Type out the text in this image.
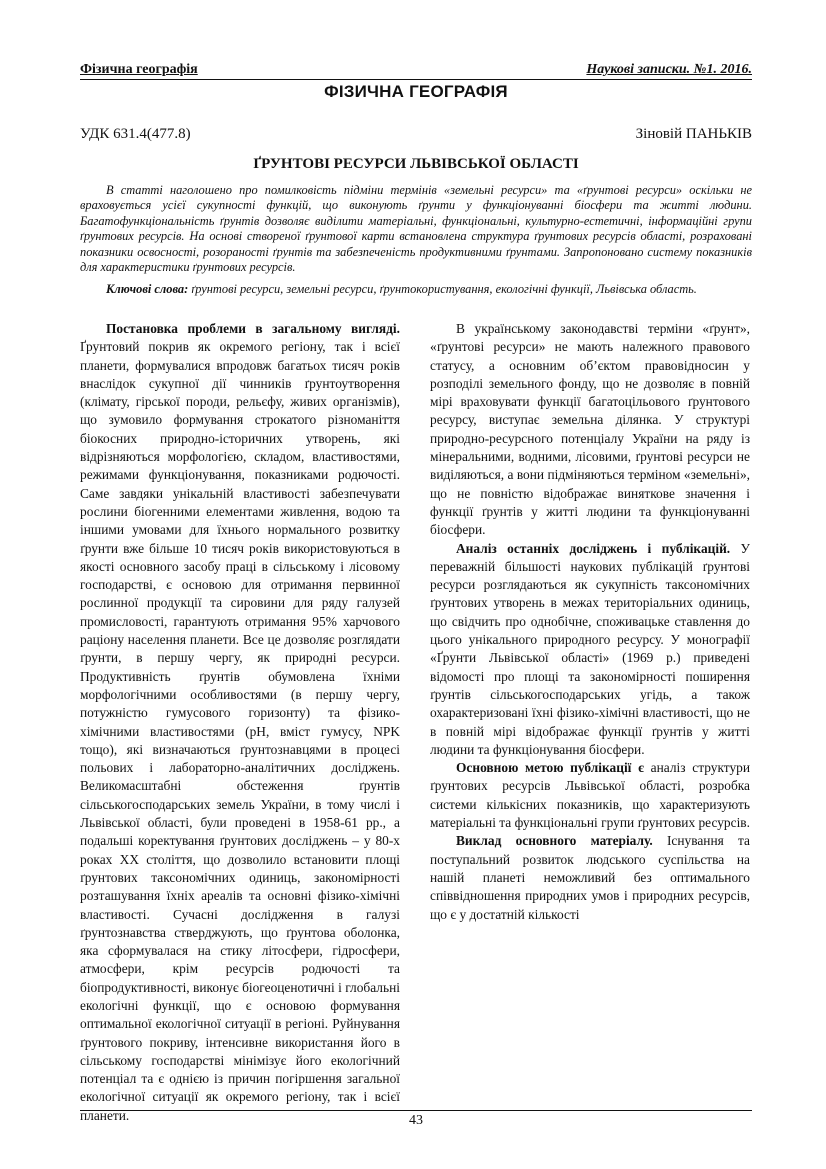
Фізична географія	Наукові записки. №1. 2016.
ФІЗИЧНА ГЕОГРАФІЯ
УДК 631.4(477.8)	Зіновій ПАНЬКІВ
ҐРУНТОВІ РЕСУРСИ ЛЬВІВСЬКОЇ ОБЛАСТІ

В статті наголошено про помилковість підміни термінів «земельні ресурси» та «ґрунтові ресурси» оскільки не враховується усієї сукупності функцій, що виконують ґрунти у функціонуванні біосфери та житті людини. Багатофункціональність ґрунтів дозволяє виділити матеріальні, функціональні, культурно-естетичні, інформаційні групи ґрунтових ресурсів. На основі створеної ґрунтової карти встановлена структура ґрунтових ресурсів області, розраховані показники освосності, розораності ґрунтів та забезпеченість продуктивними ґрунтами. Запропоновано систему показників для характеристики ґрунтових ресурсів.

Ключові слова: ґрунтові ресурси, земельні ресурси, ґрунтокористування, екологічні функції, Львівська область.

Постановка проблеми в загальному вигляді. Ґрунтовий покрив як окремого регіону, так і всієї планети, формувалися впродовж багатьох тисяч років внаслідок сукупної дії чинників ґрунтоутворення (клімату, гірської породи, рельєфу, живих організмів), що зумовило формування строкатого різноманіття біокосних природно-історичних утворень, які відрізняються морфологією, складом, властивостями, режимами функціонування, показниками родючості. Саме завдяки унікальній властивості забезпечувати рослини біогенними елементами живлення, водою та іншими умовами для їхнього нормального розвитку ґрунти вже більше 10 тисяч років використовуються в якості основного засобу праці в сільському і лісовому господарстві, є основою для отримання первинної рослинної продукції та сировини для ряду галузей промисловості, гарантують отримання 95% харчового раціону населення планети. Все це дозволяє розглядати ґрунти, в першу чергу, як природні ресурси. Продуктивність ґрунтів обумовлена їхніми морфологічними особливостями (в першу чергу, потужністю гумусового горизонту) та фізико-хімічними властивостями (рН, вміст гумусу, NPK тощо), які визначаються ґрунтознавцями в процесі польових і лабораторно-аналітичних досліджень. Великомасштабні обстеження ґрунтів сільськогосподарських земель України, в тому числі і Львівської області, були проведені в 1958-61 рр., а подальші коректування ґрунтових досліджень – у 80-х роках ХХ століття, що дозволило встановити площі ґрунтових таксономічних одиниць, закономірності розташування їхніх ареалів та основні фізико-хімічні властивості. Сучасні дослідження в галузі ґрунтознавства стверджують, що ґрунтова оболонка, яка сформувалася на стику літосфери, гідросфери, атмосфери, крім ресурсів родючості та біопродуктивності, виконує біогеоценотичні і глобальні екологічні функції, що є основою формування оптимальної екологічної ситуації в регіоні. Руйнування ґрунтового покриву, інтенсивне використання його в сільському господарстві мінімізує його екологічний потенціал та є однією із причин погіршення загальної екологічної ситуації як окремого регіону, так і всієї планети.

В українському законодавстві терміни «ґрунт», «ґрунтові ресурси» не мають належного правового статусу, а основним об’єктом правовідносин у розподілі земельного фонду, що не дозволяє в повній мірі враховувати функції багатоцільового ґрунтового ресурсу, виступає земельна ділянка. У структурі природно-ресурсного потенціалу України на ряду із мінеральними, водними, лісовими, ґрунтові ресурси не виділяються, а вони підміняються терміном «земельні», що не повністю відображає виняткове значення і функції ґрунтів у житті людини та функціонуванні біосфери.

Аналіз останніх досліджень і публікацій. У переважній більшості наукових публікацій ґрунтові ресурси розглядаються як сукупність таксономічних ґрунтових утворень в межах територіальних одиниць, що свідчить про однобічне, споживацьке ставлення до цього унікального природного ресурсу. У монографії «Ґрунти Львівської області» (1969 р.) приведені відомості про площі та закономірності поширення ґрунтів сільськогосподарських угідь, а також охарактеризовані їхні фізико-хімічні властивості, що не в повній мірі відображає функції ґрунтів у житті людини та функціонування біосфери.

Основною метою публікації є аналіз структури ґрунтових ресурсів Львівської області, розробка системи кількісних показників, що характеризують матеріальні та функціональні групи ґрунтових ресурсів.

Виклад основного матеріалу. Існування та поступальний розвиток людського суспільства на нашій планеті неможливий без оптимального співвідношення природних умов і природних ресурсів, що є у достатній кількості

43
